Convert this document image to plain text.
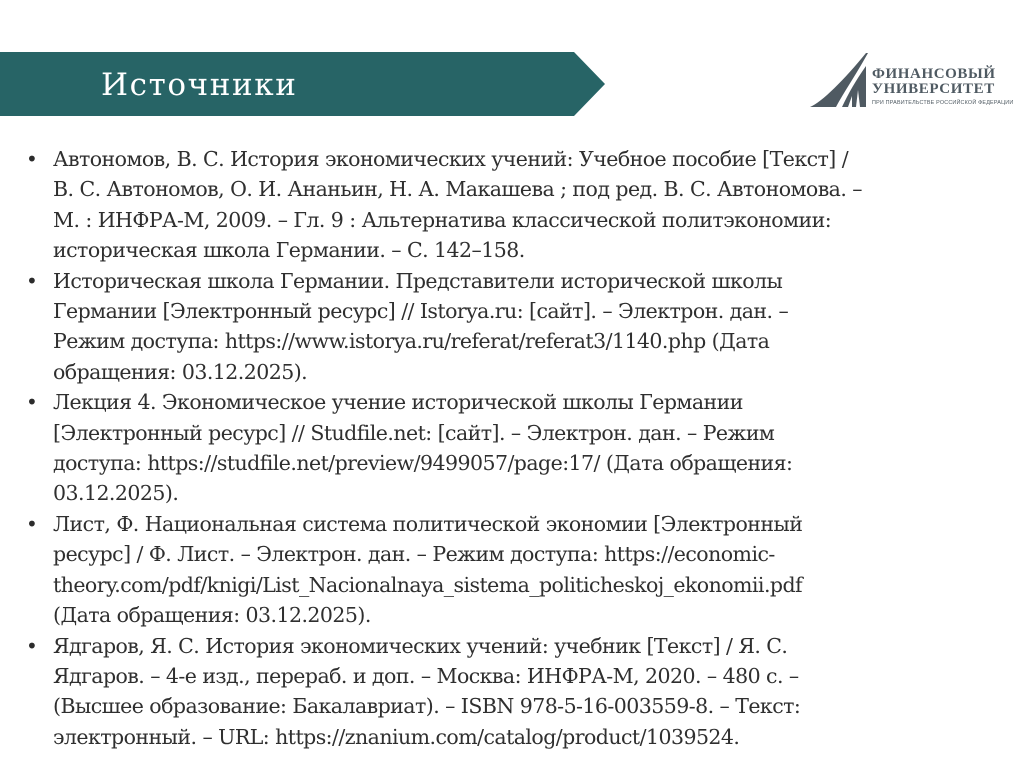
Источники	ФИНАНСОВЫЙ
УНИВЕРСИТЕТ
ПРИ ПРАВИТЕЛЬСТВЕ РОССИЙСКОЙ ФЕДЕРАЦИИ
• Автономов, В. С. История экономических учений: Учебное пособие [Текст] /
В. С. Автономов, О. И. Ананьин, Н. А. Макашева ; под ред. В. С. Автономова. –
М. : ИНФРА-М, 2009. – Гл. 9 : Альтернатива классической политэкономии:
историческая школа Германии. – С. 142–158.
• Историческая школа Германии. Представители исторической школы
Германии [Электронный ресурс] // Istorya.ru: [сайт]. – Электрон. дан. –
Режим доступа: https://www.istorya.ru/referat/referat3/1140.php (Дата
обращения: 03.12.2025).
• Лекция 4. Экономическое учение исторической школы Германии
[Электронный ресурс] // Studfile.net: [сайт]. – Электрон. дан. – Режим
доступа: https://studfile.net/preview/9499057/page:17/ (Дата обращения:
03.12.2025).
• Лист, Ф. Национальная система политической экономии [Электронный
ресурс] / Ф. Лист. – Электрон. дан. – Режим доступа: https://economic-
theory.com/pdf/knigi/List_Nacionalnaya_sistema_politicheskoj_ekonomii.pdf
(Дата обращения: 03.12.2025).
• Ядгаров, Я. С. История экономических учений: учебник [Текст] / Я. С.
Ядгаров. – 4-е изд., перераб. и доп. – Москва: ИНФРА-М, 2020. – 480 с. –
(Высшее образование: Бакалавриат). – ISBN 978-5-16-003559-8. – Текст:
электронный. – URL: https://znanium.com/catalog/product/1039524.
